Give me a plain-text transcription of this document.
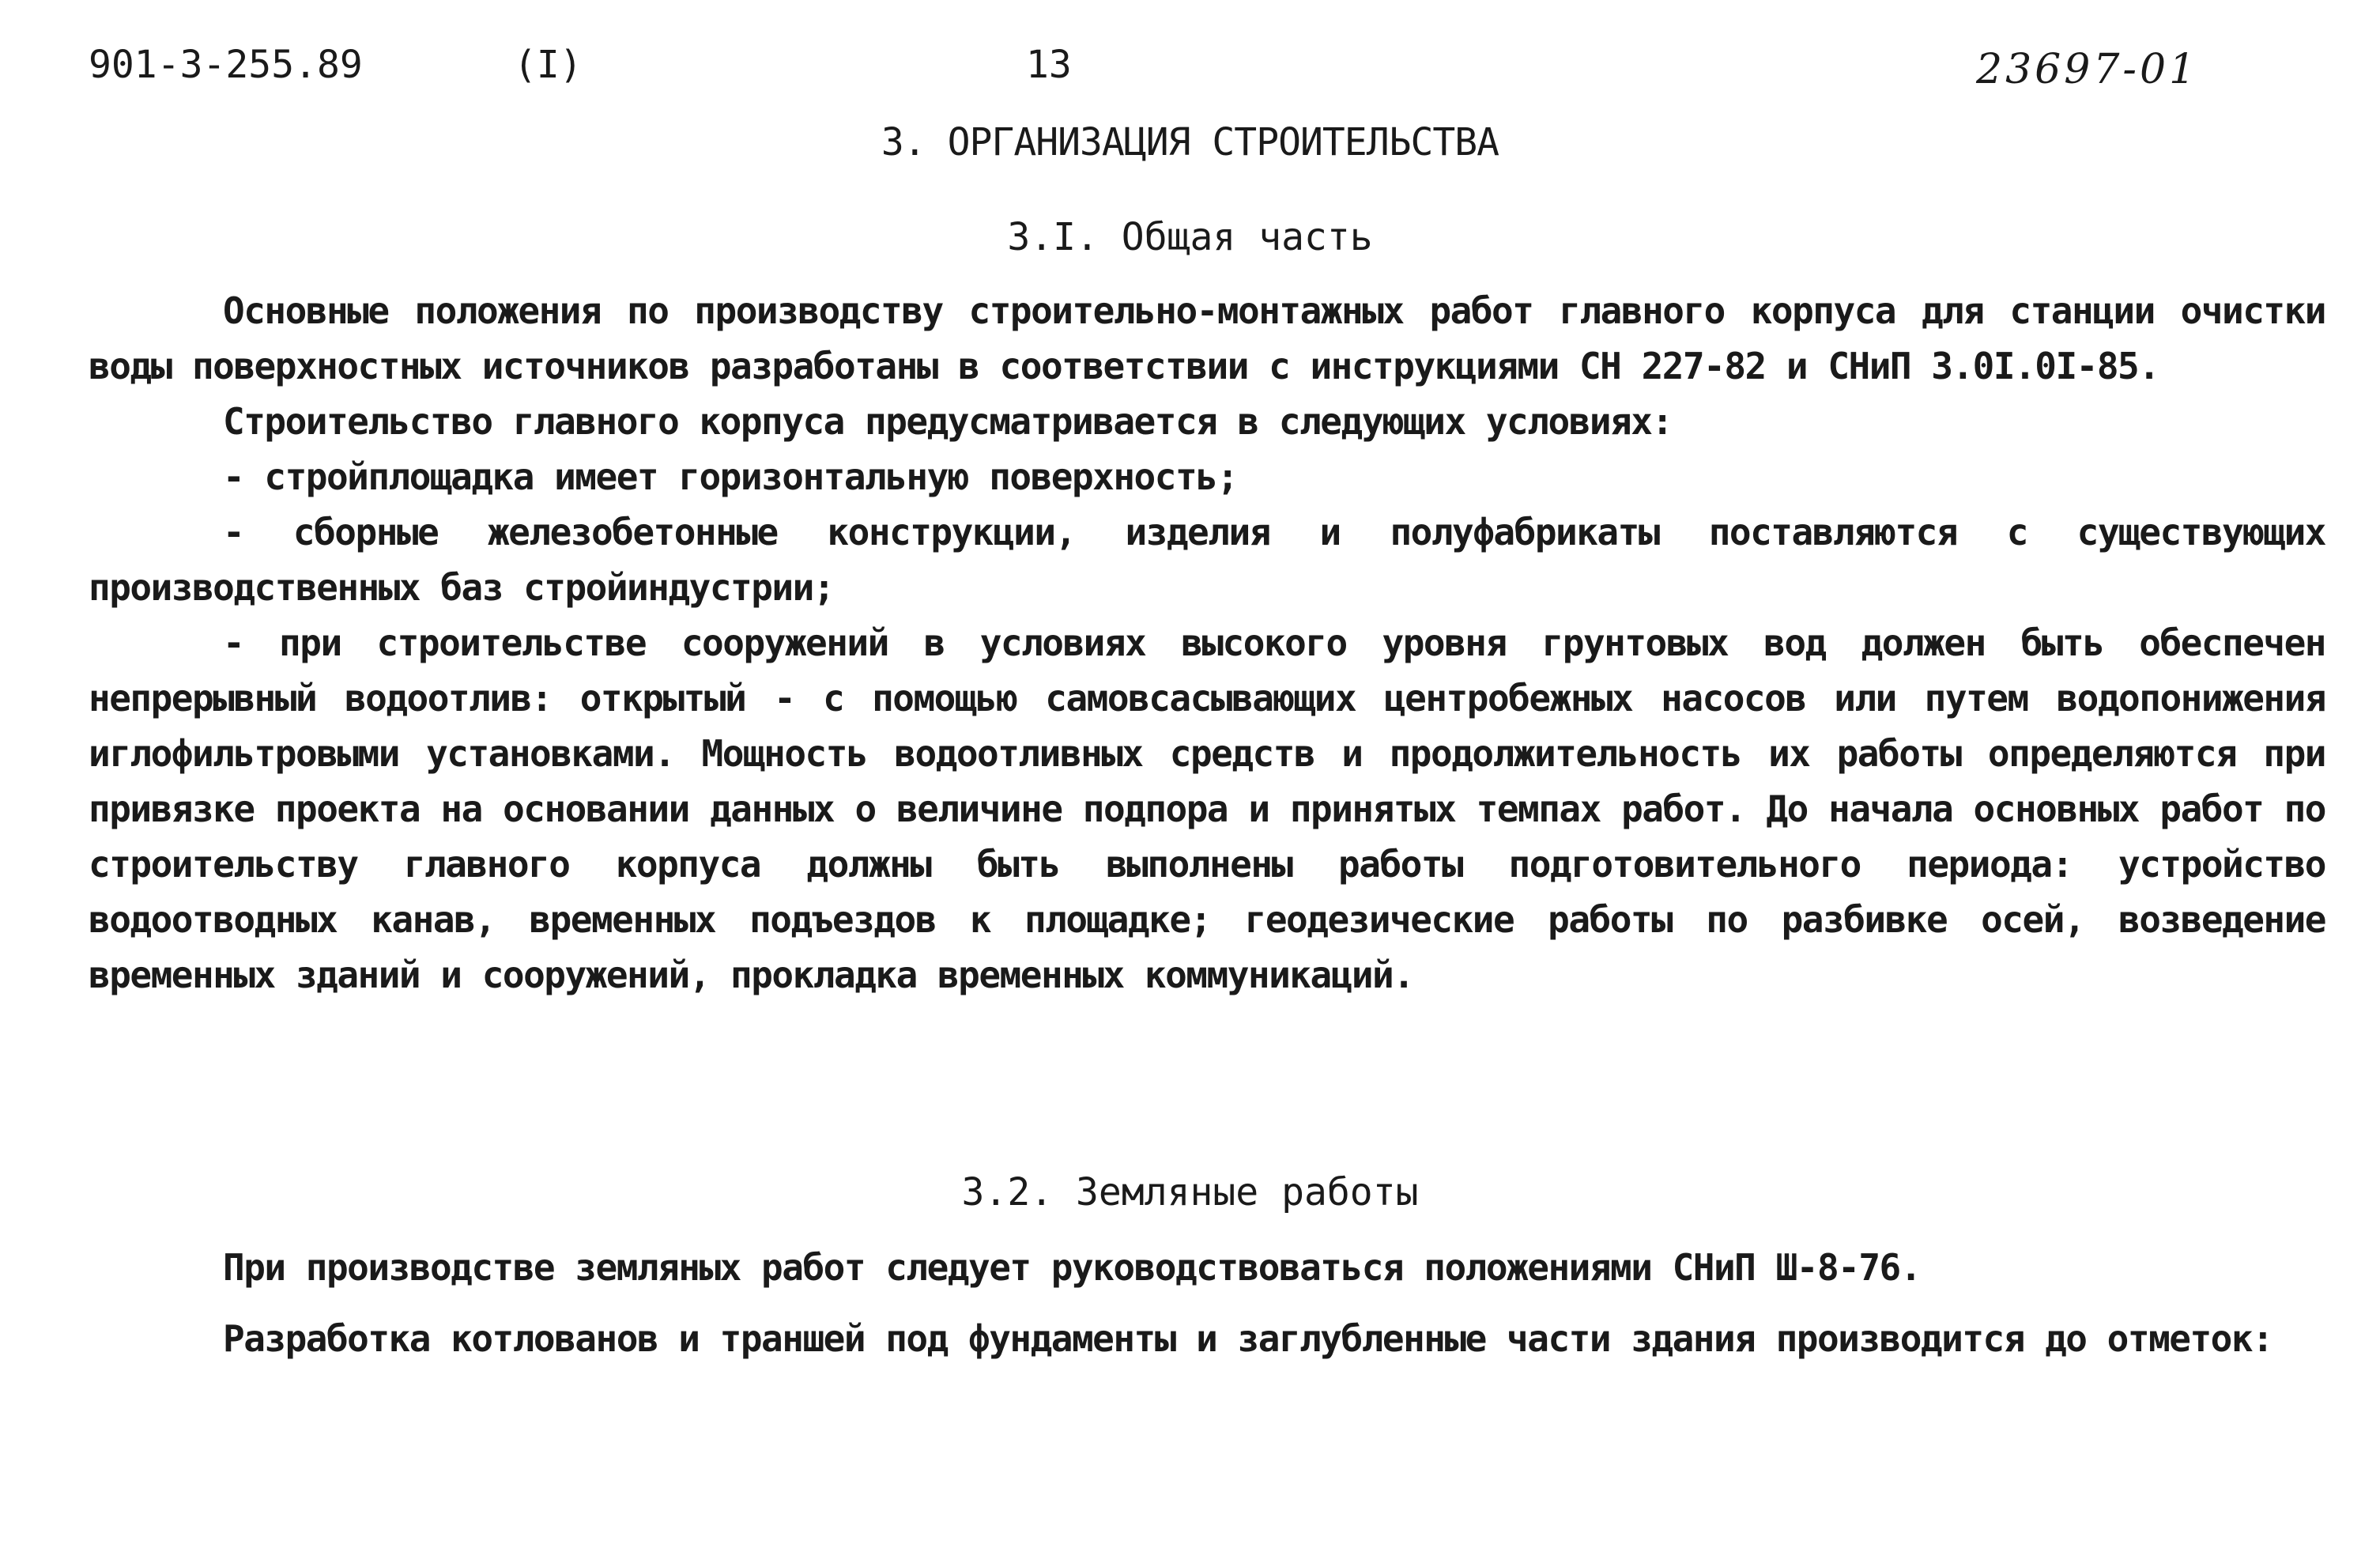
901-3-255.89	(I)	13	23697-01
3. ОРГАНИЗАЦИЯ СТРОИТЕЛЬСТВА
3.I. Общая часть

Основные положения по производству строительно-монтажных работ главного корпуса для станции очистки воды поверхностных источников разработаны в соответствии с инструкциями СН 227-82 и СНиП 3.0I.0I-85.

Строительство главного корпуса предусматривается в следующих условиях:

- стройплощадка имеет горизонтальную поверхность;

- сборные железобетонные конструкции, изделия и полуфабрикаты поставляются с существующих производственных баз стройиндустрии;

- при строительстве сооружений в условиях высокого уровня грунтовых вод должен быть обеспечен непрерывный водоотлив: открытый - с помощью самовсасывающих центробежных насосов или путем водопонижения иглофильтровыми установками. Мощность водоотливных средств и продолжительность их работы определяются при привязке проекта на основании данных о величине подпора и принятых темпах работ. До начала основных работ по строительству главного корпуса должны быть выполнены работы подготовительного периода: устройство водоотводных канав, временных подъездов к площадке; геодезические работы по разбивке осей, возведение временных зданий и сооружений, прокладка временных коммуникаций.

3.2. Земляные работы

При производстве земляных работ следует руководствоваться положениями СНиП Ш-8-76.

Разработка котлованов и траншей под фундаменты и заглубленные части здания производится до отметок:
